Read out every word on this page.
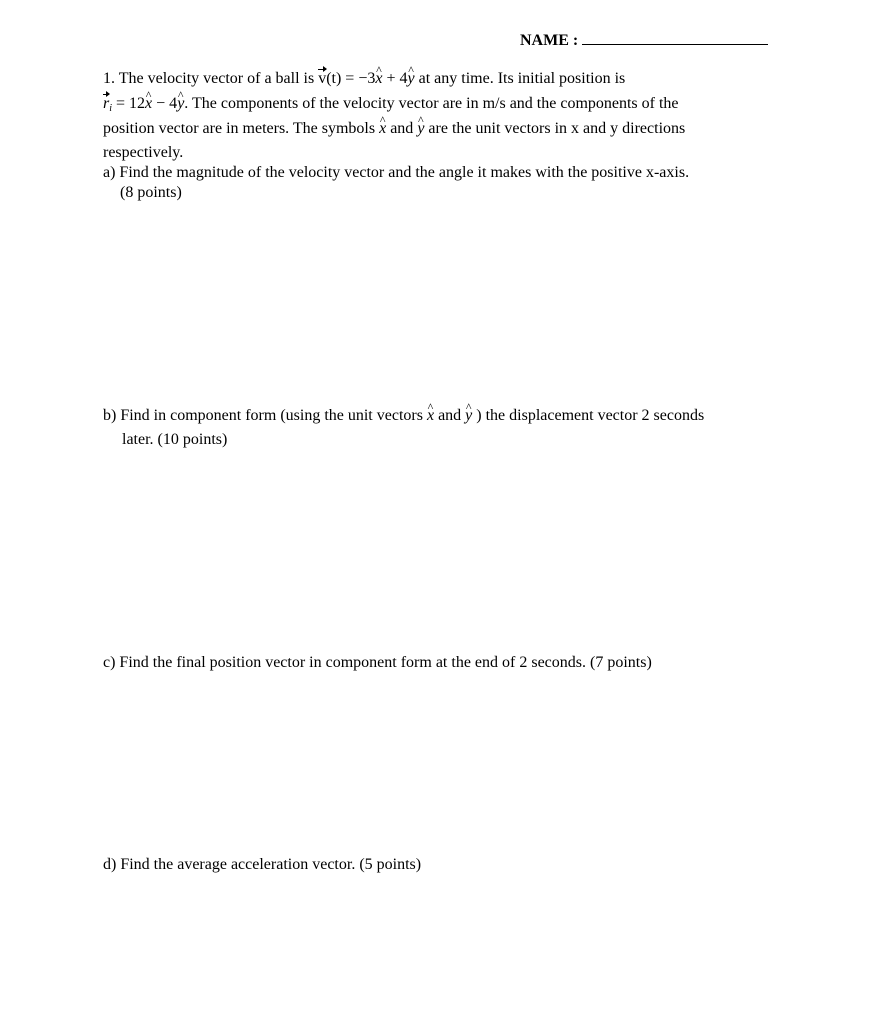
NAME :
1. The velocity vector of a ball is v(t) = −3^ x + 4^ y at any time. Its initial position is
$r_i$ = 12^ x − 4^ y. The components of the velocity vector are in m/s and the components of the
position vector are in meters. The symbols ^ x and ^ y are the unit vectors in x and y directions
respectively.
a) Find the magnitude of the velocity vector and the angle it makes with the positive x-axis.
(8 points)
b) Find in component form (using the unit vectors ^ x and ^ y ) the displacement vector 2 seconds
later. (10 points)
c) Find the final position vector in component form at the end of 2 seconds. (7 points)
d) Find the average acceleration vector. (5 points)
